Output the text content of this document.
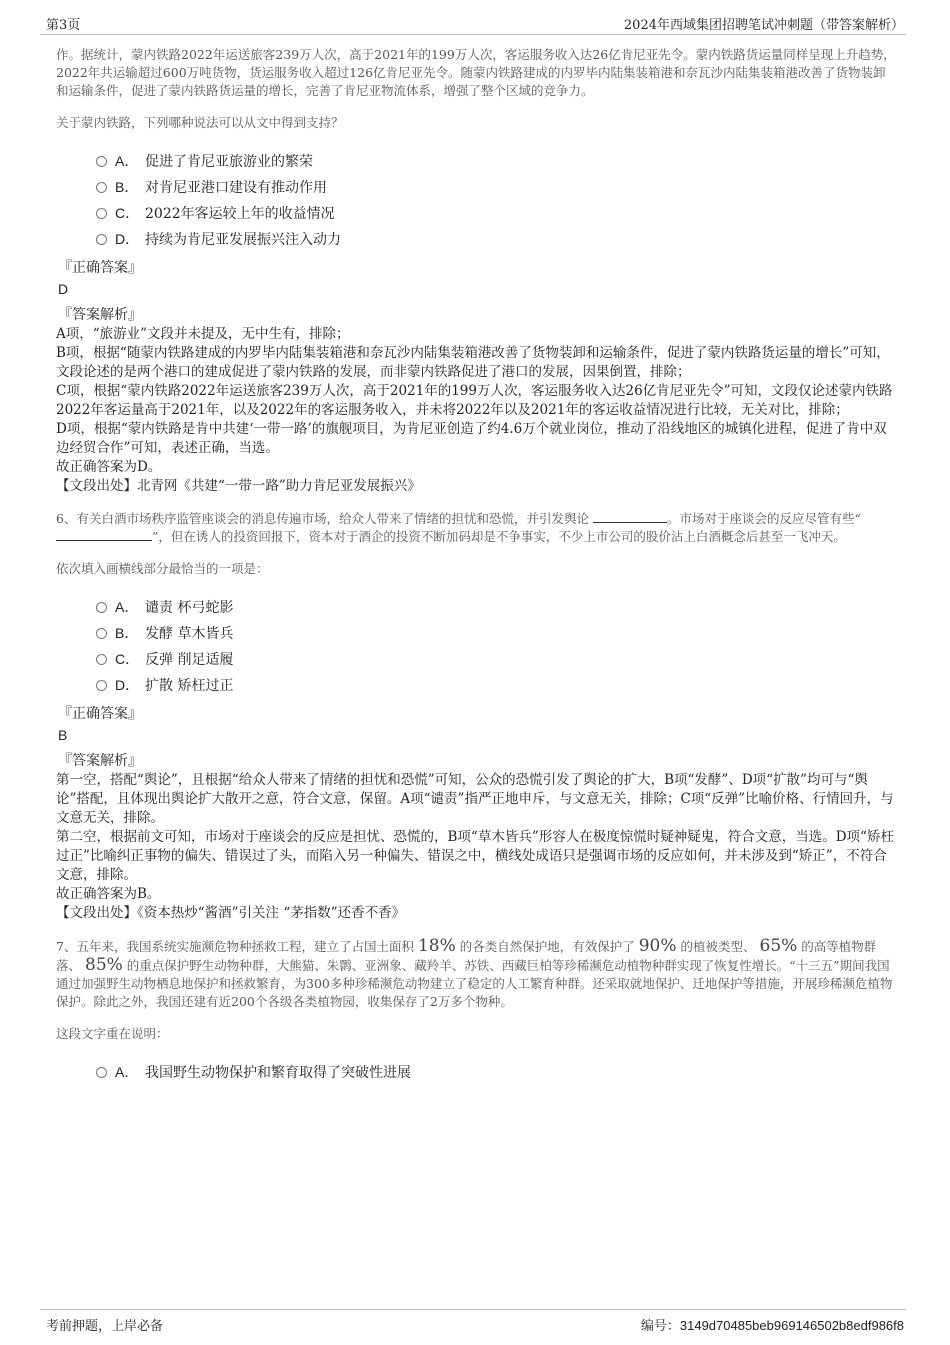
第3页	2024年西域集团招聘笔试冲刺题（带答案解析）

作。据统计，蒙内铁路2022年运送旅客239万人次，高于2021年的199万人次，客运服务收入达26亿肯尼亚先令。蒙内铁路货运量同样呈现上升趋势，2022年共运输超过600万吨货物，货运服务收入超过126亿肯尼亚先令。随蒙内铁路建成的内罗毕内陆集装箱港和奈瓦沙内陆集装箱港改善了货物装卸和运输条件，促进了蒙内铁路货运量的增长，完善了肯尼亚物流体系，增强了整个区域的竞争力。

关于蒙内铁路，下列哪种说法可以从文中得到支持？

A． 促进了肯尼亚旅游业的繁荣
B． 对肯尼亚港口建设有推动作用
C． 2022年客运较上年的收益情况
D． 持续为肯尼亚发展振兴注入动力
『正确答案』
D
『答案解析』

A项，“旅游业”文段并未提及，无中生有，排除；

B项，根据“随蒙内铁路建成的内罗毕内陆集装箱港和奈瓦沙内陆集装箱港改善了货物装卸和运输条件，促进了蒙内铁路货运量的增长”可知，文段论述的是两个港口的建成促进了蒙内铁路的发展，而非蒙内铁路促进了港口的发展，因果倒置，排除；

C项，根据“蒙内铁路2022年运送旅客239万人次，高于2021年的199万人次，客运服务收入达26亿肯尼亚先令”可知，文段仅论述蒙内铁路2022年客运量高于2021年，以及2022年的客运服务收入，并未将2022年以及2021年的客运收益情况进行比较，无关对比，排除；

D项，根据“蒙内铁路是肯中共建‘一带一路’的旗舰项目，为肯尼亚创造了约4.6万个就业岗位，推动了沿线地区的城镇化进程，促进了肯中双边经贸合作”可知，表述正确，当选。

故正确答案为D。

【文段出处】北青网《共建“一带一路”助力肯尼亚发展振兴》

6、有关白酒市场秩序监管座谈会的消息传遍市场，给众人带来了情绪的担忧和恐慌，并引发舆论	。市场对于座谈会的反应尽管有些“ ”，但在诱人的投资回报下，资本对于酒企的投资不断加码却是不争事实，不少上市公司的股价沾上白酒概念后甚至一飞冲天。

依次填入画横线部分最恰当的一项是：

A． 谴责 杯弓蛇影
B． 发酵 草木皆兵
C． 反弹 削足适履
D． 扩散 矫枉过正
『正确答案』
B
『答案解析』

第一空，搭配“舆论”，且根据“给众人带来了情绪的担忧和恐慌”可知，公众的恐慌引发了舆论的扩大，B项“发酵”、D项“扩散”均可与“舆论”搭配，且体现出舆论扩大散开之意，符合文意，保留。A项“谴责”指严正地申斥，与文意无关，排除；C项“反弹”比喻价格、行情回升，与文意无关，排除。

第二空，根据前文可知，市场对于座谈会的反应是担忧、恐慌的，B项“草木皆兵”形容人在极度惊慌时疑神疑鬼，符合文意，当选。D项“矫枉过正”比喻纠正事物的偏失、错误过了头，而陷入另一种偏失、错误之中，横线处成语只是强调市场的反应如何，并未涉及到“矫正”，不符合文意，排除。

故正确答案为B。

【文段出处】《资本热炒“酱酒”引关注 “茅指数”还香不香》

7、五年来，我国系统实施濒危物种拯救工程，建立了占国土面积 18% 的各类自然保护地，有效保护了 90% 的植被类型、 65% 的高等植物群落、 85% 的重点保护野生动物种群，大熊猫、朱鹮、亚洲象、藏羚羊、苏铁、西藏巨柏等珍稀濒危动植物种群实现了恢复性增长。“十三五”期间我国通过加强野生动物栖息地保护和拯救繁育，为300多种珍稀濒危动物建立了稳定的人工繁育种群。还采取就地保护、迁地保护等措施，开展珍稀濒危植物保护。除此之外，我国还建有近200个各级各类植物园，收集保存了2万多个物种。

这段文字重在说明：

A． 我国野生动物保护和繁育取得了突破性进展
考前押题，上岸必备	编号：3149d70485beb969146502b8edf986f8
